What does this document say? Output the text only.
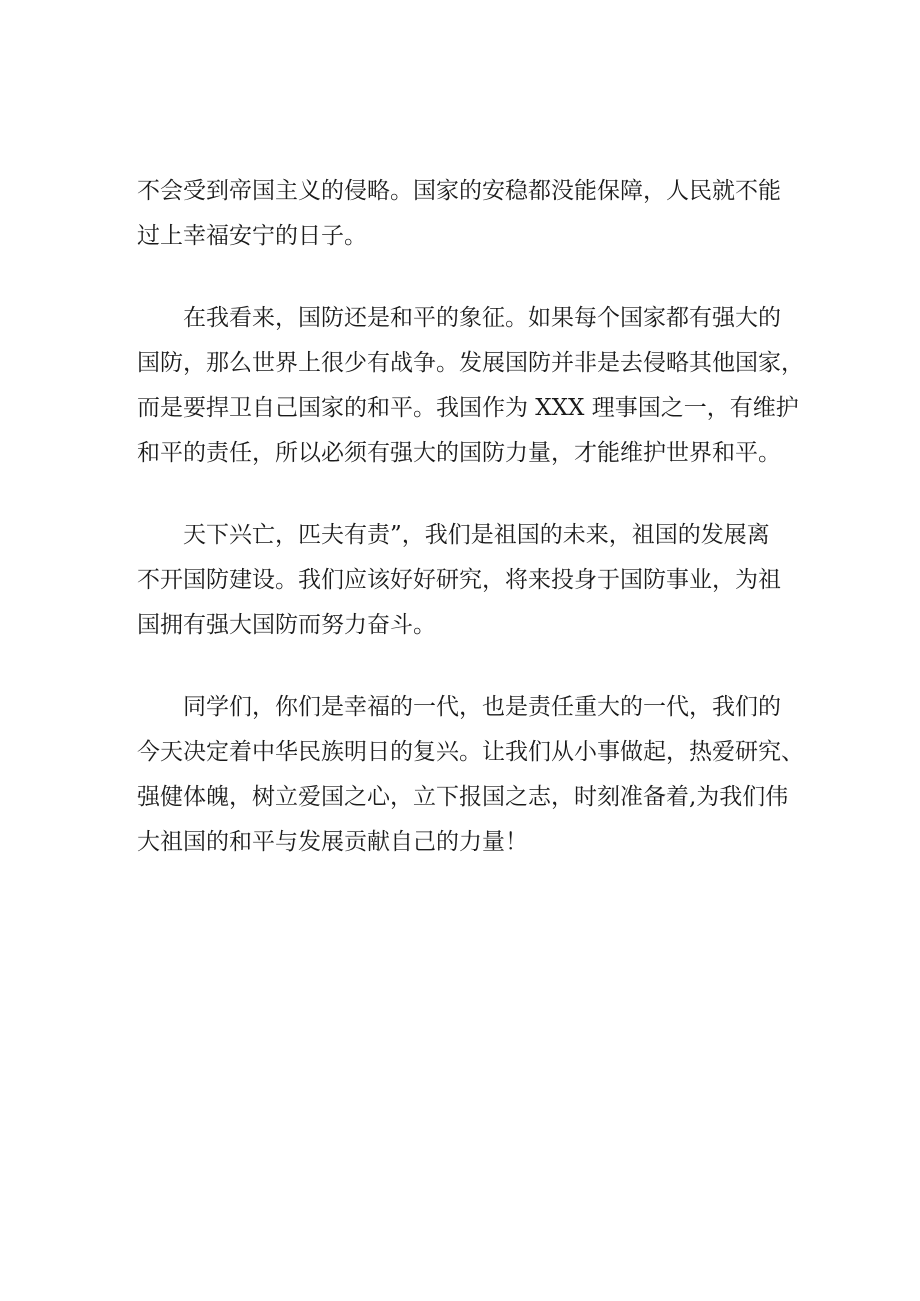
不会受到帝国主义的侵略。国家的安稳都没能保障，人民就不能
过上幸福安宁的日子。
在我看来，国防还是和平的象征。如果每个国家都有强大的
国防，那么世界上很少有战争。发展国防并非是去侵略其他国家，
而是要捍卫自己国家的和平。我国作为 XXX 理事国之一，有维护
和平的责任，所以必须有强大的国防力量，才能维护世界和平。
天下兴亡，匹夫有责”，我们是祖国的未来，祖国的发展离
不开国防建设。我们应该好好研究，将来投身于国防事业，为祖
国拥有强大国防而努力奋斗。
同学们，你们是幸福的一代，也是责任重大的一代，我们的
今天决定着中华民族明日的复兴。让我们从小事做起，热爱研究、
强健体魄，树立爱国之心，立下报国之志，时刻准备着,为我们伟
大祖国的和平与发展贡献自己的力量！
